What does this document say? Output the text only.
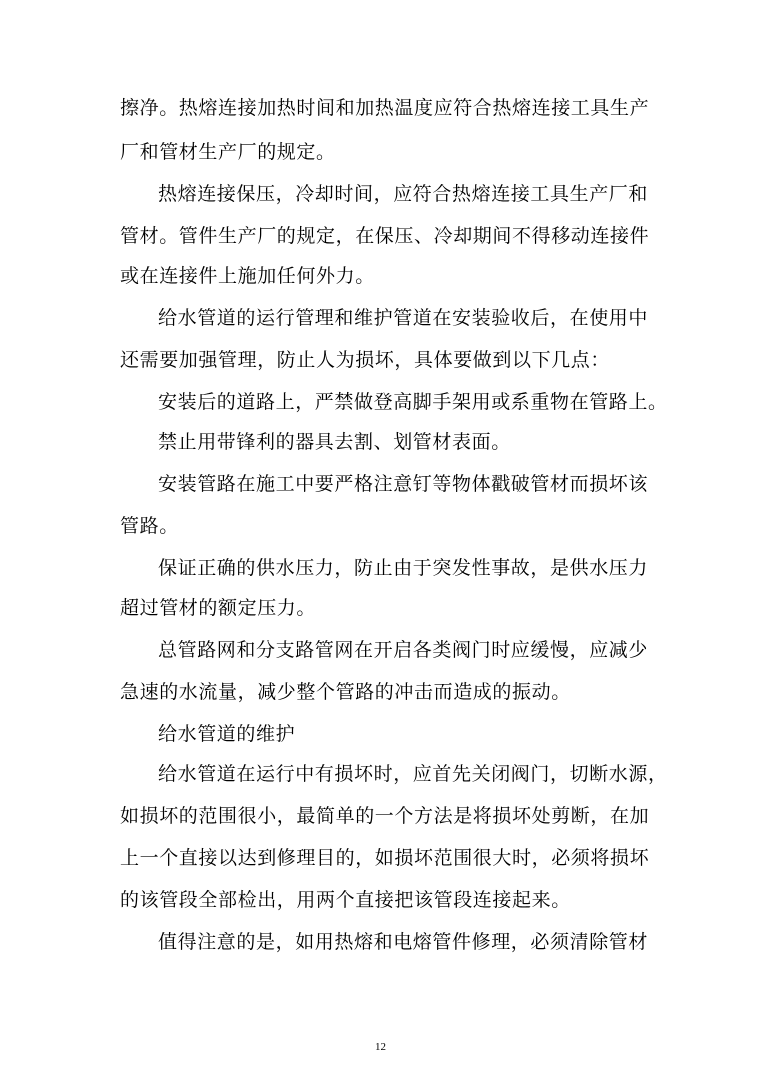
擦净。热熔连接加热时间和加热温度应符合热熔连接工具生产
厂和管材生产厂的规定。
热熔连接保压，冷却时间，应符合热熔连接工具生产厂和
管材。管件生产厂的规定，在保压、冷却期间不得移动连接件
或在连接件上施加任何外力。
给水管道的运行管理和维护管道在安装验收后，在使用中
还需要加强管理，防止人为损坏，具体要做到以下几点：
安装后的道路上，严禁做登高脚手架用或系重物在管路上。
禁止用带锋利的器具去割、划管材表面。
安装管路在施工中要严格注意钉等物体戳破管材而损坏该
管路。
保证正确的供水压力，防止由于突发性事故，是供水压力
超过管材的额定压力。
总管路网和分支路管网在开启各类阀门时应缓慢，应减少
急速的水流量，减少整个管路的冲击而造成的振动。
给水管道的维护
给水管道在运行中有损坏时，应首先关闭阀门，切断水源，
如损坏的范围很小，最简单的一个方法是将损坏处剪断，在加
上一个直接以达到修理目的，如损坏范围很大时，必须将损坏
的该管段全部检出，用两个直接把该管段连接起来。
值得注意的是，如用热熔和电熔管件修理，必须清除管材
12
